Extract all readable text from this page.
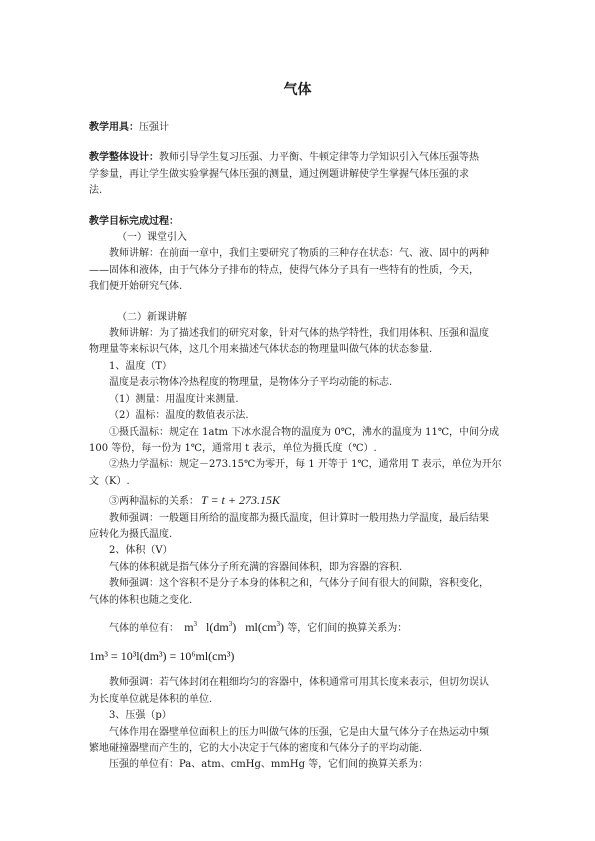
气体

教学用具：压强计

教学整体设计：教师引导学生复习压强、力平衡、牛顿定律等力学知识引入气体压强等热

学参量，再让学生做实验掌握气体压强的测量，通过例题讲解使学生掌握气体压强的求

法.

教学目标完成过程：

（一）课堂引入

教师讲解：在前面一章中，我们主要研究了物质的三种存在状态：气、液、固中的两种

——固体和液体，由于气体分子排布的特点，使得气体分子具有一些特有的性质，今天，

我们便开始研究气体.

（二）新课讲解

教师讲解：为了描述我们的研究对象，针对气体的热学特性，我们用体积、压强和温度

物理量等来标识气体，这几个用来描述气体状态的物理量叫做气体的状态参量.

1、温度（T）

温度是表示物体冷热程度的物理量，是物体分子平均动能的标志.

（1）测量：用温度计来测量.

（2）温标：温度的数值表示法.

①摄氏温标：规定在 1atm 下冰水混合物的温度为 0℃，沸水的温度为 11℃，中间分成

100 等份，每一份为 1℃，通常用 t 表示，单位为摄氏度（℃）.

②热力学温标：规定－273.15℃为零开，每 1 开等于 1℃，通常用 T 表示，单位为开尔

文（K）.

③两种温标的关系： T = t + 273.15K

教师强调：一般题目所给的温度都为摄氏温度，但计算时一般用热力学温度，最后结果

应转化为摄氏温度.

2、体积（V）

气体的体积就是指气体分子所充满的容器间体积，即为容器的容积.

教师强调：这个容积不是分子本身的体积之和，气体分子间有很大的间隙，容积变化，

气体的体积也随之变化.

气体的单位有： $m^3$   $l(dm^3)$   $ml(cm^3)$ 等，它们间的换算关系为：

1m³ = 10³l(dm³) = 10⁶ml(cm³)

教师强调：若气体封闭在粗细均匀的容器中，体积通常可用其长度来表示，但切勿误认

为长度单位就是体积的单位.

3、压强（p）

气体作用在器壁单位面积上的压力叫做气体的压强，它是由大量气体分子在热运动中频

繁地碰撞器壁而产生的，它的大小决定于气体的密度和气体分子的平均动能.

压强的单位有：Pa、atm、cmHg、mmHg 等，它们间的换算关系为：
